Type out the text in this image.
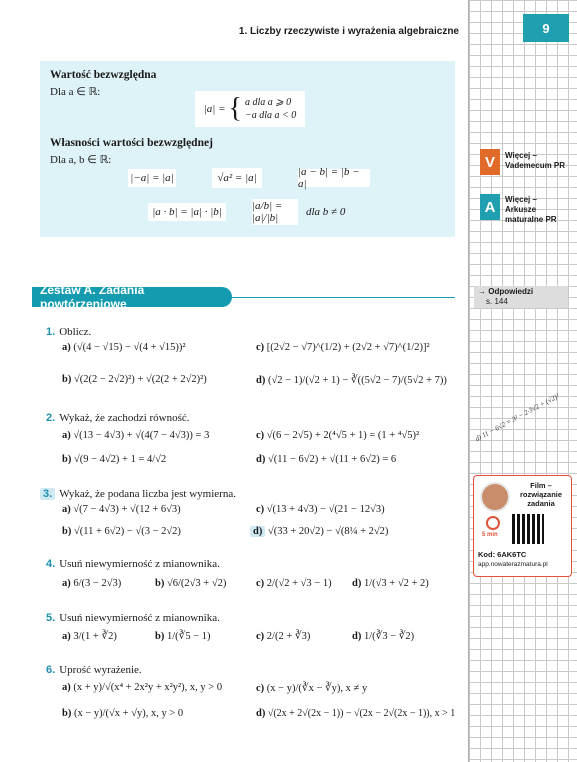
1. Liczby rzeczywiste i wyrażenia algebraiczne	9
Wartość bezwzględna
Dla a ∈ ℝ:
|a| = { a dla a ⩾ 0
−a dla a < 0
Własności wartości bezwzględnej
Dla a, b ∈ ℝ:
|−a| = |a|	√a² = |a|	|a − b| = |b − a|
|a · b| = |a| · |b|	|a/b| = |a|/|b|	dla b ≠ 0
Zestaw A. Zadania powtórzeniowe
1. Oblicz.
a) (√(4 − √15) − √(4 + √15))²	c) [(2√2 − √7)^(1/2) + (2√2 + √7)^(1/2)]²
b) √(2(2 − 2√2)²) + √(2(2 + 2√2)²)	d) (√2 − 1)/(√2 + 1) − ∛((5√2 − 7)/(5√2 + 7))
2. Wykaż, że zachodzi równość.
a) √(13 − 4√3) + √(4(7 − 4√3)) = 3	c) √(6 − 2√5) + 2(⁴√5 + 1) = (1 + ⁴√5)²
b) √(9 − 4√2) + 1 = 4/√2	d) √(11 − 6√2) + √(11 + 6√2) = 6
3. Wykaż, że podana liczba jest wymierna.
a) √(7 − 4√3) + √(12 + 6√3)	c) √(13 + 4√3) − √(21 − 12√3)
b) √(11 + 6√2) − √(3 − 2√2)	d) √(33 + 20√2) − √(8¼ + 2√2)
4. Usuń niewymierność z mianownika.
a) 6/(3 − 2√3)	b) √6/(2√3 + √2)	c) 2/(√2 + √3 − 1) d) 1/(√3 + √2 + 2)
5. Usuń niewymierność z mianownika.
a) 3/(1 + ∛2)	b) 1/(∛5 − 1)	c) 2/(2 + ∛3)	d) 1/(∛3 − ∛2)
6. Uprość wyrażenie.
a) (x + y)/√(x⁴ + 2x²y + x²y²), x, y > 0	c) (x − y)/(∛x − ∛y), x ≠ y
b) (x − y)/(√x + √y), x, y > 0	d) √(2x + 2√(2x − 1)) − √(2x − 2√(2x − 1)), x > 1
V	Więcej – Vademecum PR
A	Więcej – Arkusze maturalne PR
→ Odpowiedzi
s. 144
d) 11 − 6√2 = 3² − 2·3√2 + (√2)²
Film – rozwiązanie zadania
5 min
Kod: 6AK6TC
app.nowaterazmatura.pl
